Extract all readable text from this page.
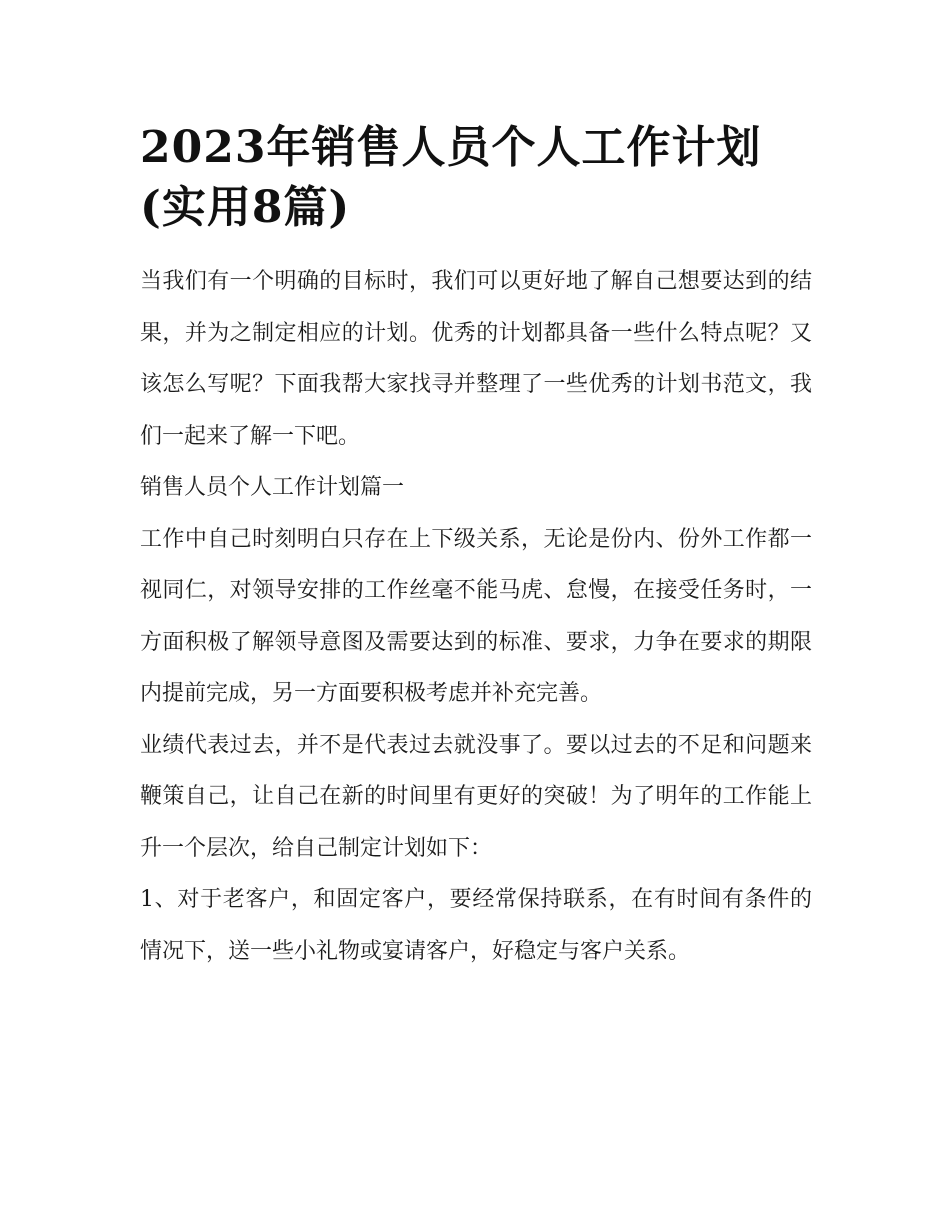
2023年销售人员个人工作计划(实用8篇)

当我们有一个明确的目标时，我们可以更好地了解自己想要达到的结果，并为之制定相应的计划。优秀的计划都具备一些什么特点呢？又该怎么写呢？下面我帮大家找寻并整理了一些优秀的计划书范文，我们一起来了解一下吧。

销售人员个人工作计划篇一

工作中自己时刻明白只存在上下级关系，无论是份内、份外工作都一视同仁，对领导安排的工作丝毫不能马虎、怠慢，在接受任务时，一方面积极了解领导意图及需要达到的标准、要求，力争在要求的期限内提前完成，另一方面要积极考虑并补充完善。

业绩代表过去，并不是代表过去就没事了。要以过去的不足和问题来鞭策自己，让自己在新的时间里有更好的突破！为了明年的工作能上升一个层次，给自己制定计划如下：

1、对于老客户，和固定客户，要经常保持联系，在有时间有条件的情况下，送一些小礼物或宴请客户，好稳定与客户关系。
